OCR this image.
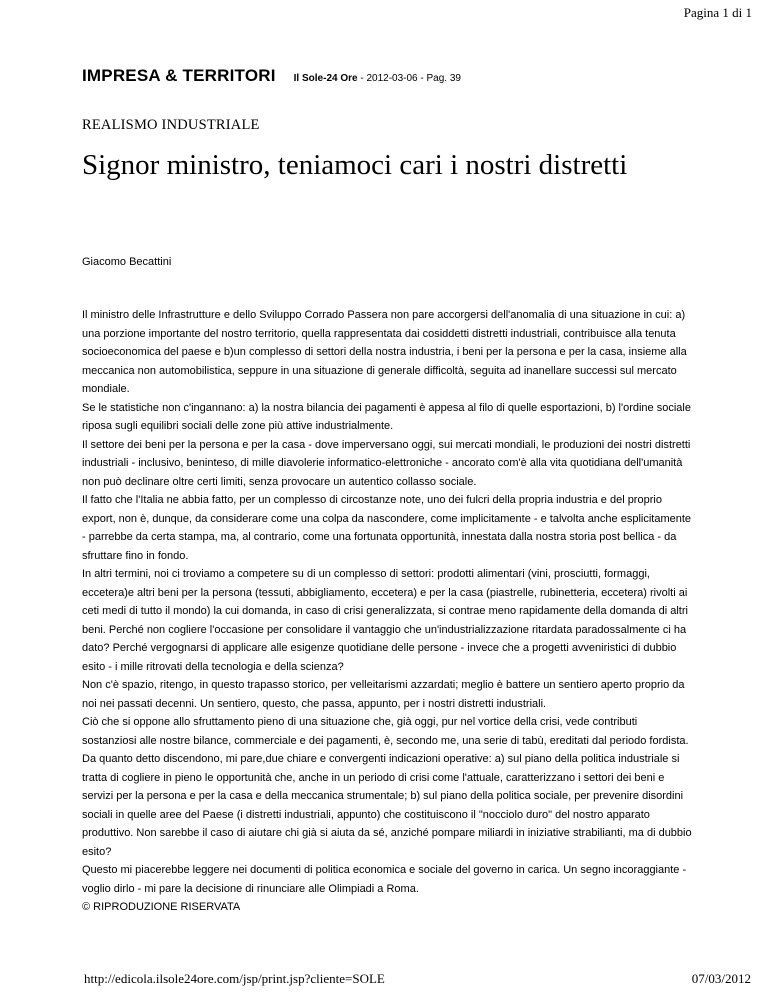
Pagina 1 di 1
IMPRESA & TERRITORI Il Sole-24 Ore - 2012-03-06 - Pag. 39
REALISMO INDUSTRIALE
Signor ministro, teniamoci cari i nostri distretti
Giacomo Becattini

Il ministro delle Infrastrutture e dello Sviluppo Corrado Passera non pare accorgersi dell'anomalia di una situazione in cui: a) una porzione importante del nostro territorio, quella rappresentata dai cosiddetti distretti industriali, contribuisce alla tenuta socioeconomica del paese e b)un complesso di settori della nostra industria, i beni per la persona e per la casa, insieme alla meccanica non automobilistica, seppure in una situazione di generale difficoltà, seguita ad inanellare successi sul mercato mondiale.

Se le statistiche non c'ingannano: a) la nostra bilancia dei pagamenti è appesa al filo di quelle esportazioni, b) l'ordine sociale riposa sugli equilibri sociali delle zone più attive industrialmente.

Il settore dei beni per la persona e per la casa - dove imperversano oggi, sui mercati mondiali, le produzioni dei nostri distretti industriali - inclusivo, beninteso, di mille diavolerie informatico-elettroniche - ancorato com'è alla vita quotidiana dell'umanità non può declinare oltre certi limiti, senza provocare un autentico collasso sociale.

Il fatto che l'Italia ne abbia fatto, per un complesso di circostanze note, uno dei fulcri della propria industria e del proprio export, non è, dunque, da considerare come una colpa da nascondere, come implicitamente - e talvolta anche esplicitamente - parrebbe da certa stampa, ma, al contrario, come una fortunata opportunità, innestata dalla nostra storia post bellica - da sfruttare fino in fondo.

In altri termini, noi ci troviamo a competere su di un complesso di settori: prodotti alimentari (vini, prosciutti, formaggi, eccetera)e altri beni per la persona (tessuti, abbigliamento, eccetera) e per la casa (piastrelle, rubinetteria, eccetera) rivolti ai ceti medi di tutto il mondo) la cui domanda, in caso di crisi generalizzata, si contrae meno rapidamente della domanda di altri beni. Perché non cogliere l'occasione per consolidare il vantaggio che un'industrializzazione ritardata paradossalmente ci ha dato? Perché vergognarsi di applicare alle esigenze quotidiane delle persone - invece che a progetti avveniristici di dubbio esito - i mille ritrovati della tecnologia e della scienza?

Non c'è spazio, ritengo, in questo trapasso storico, per velleitarismi azzardati; meglio è battere un sentiero aperto proprio da noi nei passati decenni. Un sentiero, questo, che passa, appunto, per i nostri distretti industriali.

Ciò che si oppone allo sfruttamento pieno di una situazione che, già oggi, pur nel vortice della crisi, vede contributi sostanziosi alle nostre bilance, commerciale e dei pagamenti, è, secondo me, una serie di tabù, ereditati dal periodo fordista.

Da quanto detto discendono, mi pare,due chiare e convergenti indicazioni operative: a) sul piano della politica industriale si tratta di cogliere in pieno le opportunità che, anche in un periodo di crisi come l'attuale, caratterizzano i settori dei beni e servizi per la persona e per la casa e della meccanica strumentale; b) sul piano della politica sociale, per prevenire disordini sociali in quelle aree del Paese (i distretti industriali, appunto) che costituiscono il "nocciolo duro" del nostro apparato produttivo. Non sarebbe il caso di aiutare chi già si aiuta da sé, anziché pompare miliardi in iniziative strabilianti, ma di dubbio esito?

Questo mi piacerebbe leggere nei documenti di politica economica e sociale del governo in carica. Un segno incoraggiante - voglio dirlo - mi pare la decisione di rinunciare alle Olimpiadi a Roma.

© RIPRODUZIONE RISERVATA

http://edicola.ilsole24ore.com/jsp/print.jsp?cliente=SOLE	07/03/2012
